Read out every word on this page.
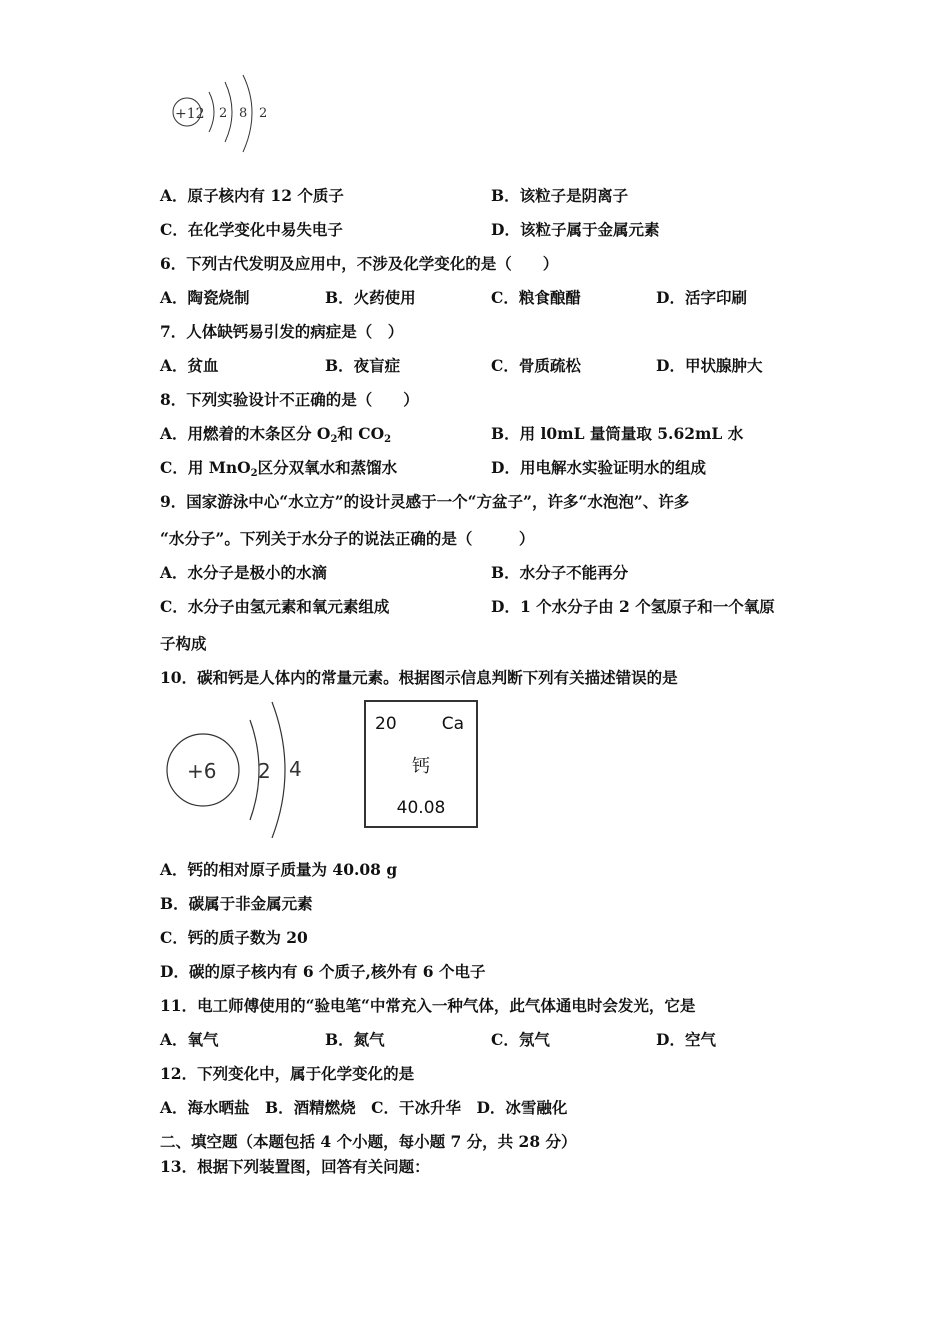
+12 2 8 2
A．原子核内有 12 个质子	B．该粒子是阴离子
C．在化学变化中易失电子	D．该粒子属于金属元素
6．下列古代发明及应用中，不涉及化学变化的是（　　）
A．陶瓷烧制	B．火药使用	C．粮食酿醋	D．活字印刷
7．人体缺钙易引发的病症是（　）
A．贫血	B．夜盲症	C．骨质疏松	D．甲状腺肿大
8．下列实验设计不正确的是（　　）
A．用燃着的木条区分 $O_2$和 $CO_2$	B．用 l0mL 量筒量取 5.62mL 水
C．用 MnO$_2$区分双氧水和蒸馏水	D．用电解水实验证明水的组成
9．国家游泳中心“水立方”的设计灵感于一个“方盆子”，许多“水泡泡”、许多
“水分子”。下列关于水分子的说法正确的是（　　　）
A．水分子是极小的水滴	B．水分子不能再分
C．水分子由氢元素和氧元素组成	D．1 个水分子由 2 个氢原子和一个氧原
子构成
10．碳和钙是人体内的常量元素。根据图示信息判断下列有关描述错误的是
+6 2 4
20	Ca
钙
40.08
A．钙的相对原子质量为 40.08 g
B．碳属于非金属元素
C．钙的质子数为 20
D．碳的原子核内有 6 个质子,核外有 6 个电子
11．电工师傅使用的“验电笔“中常充入一种气体，此气体通电时会发光，它是
A．氧气	B．氮气	C．氖气	D．空气
12．下列变化中，属于化学变化的是
A．海水晒盐　B．酒精燃烧　C．干冰升华　D．冰雪融化
二、填空题（本题包括 4 个小题，每小题 7 分，共 28 分）
13．根据下列装置图，回答有关问题：
